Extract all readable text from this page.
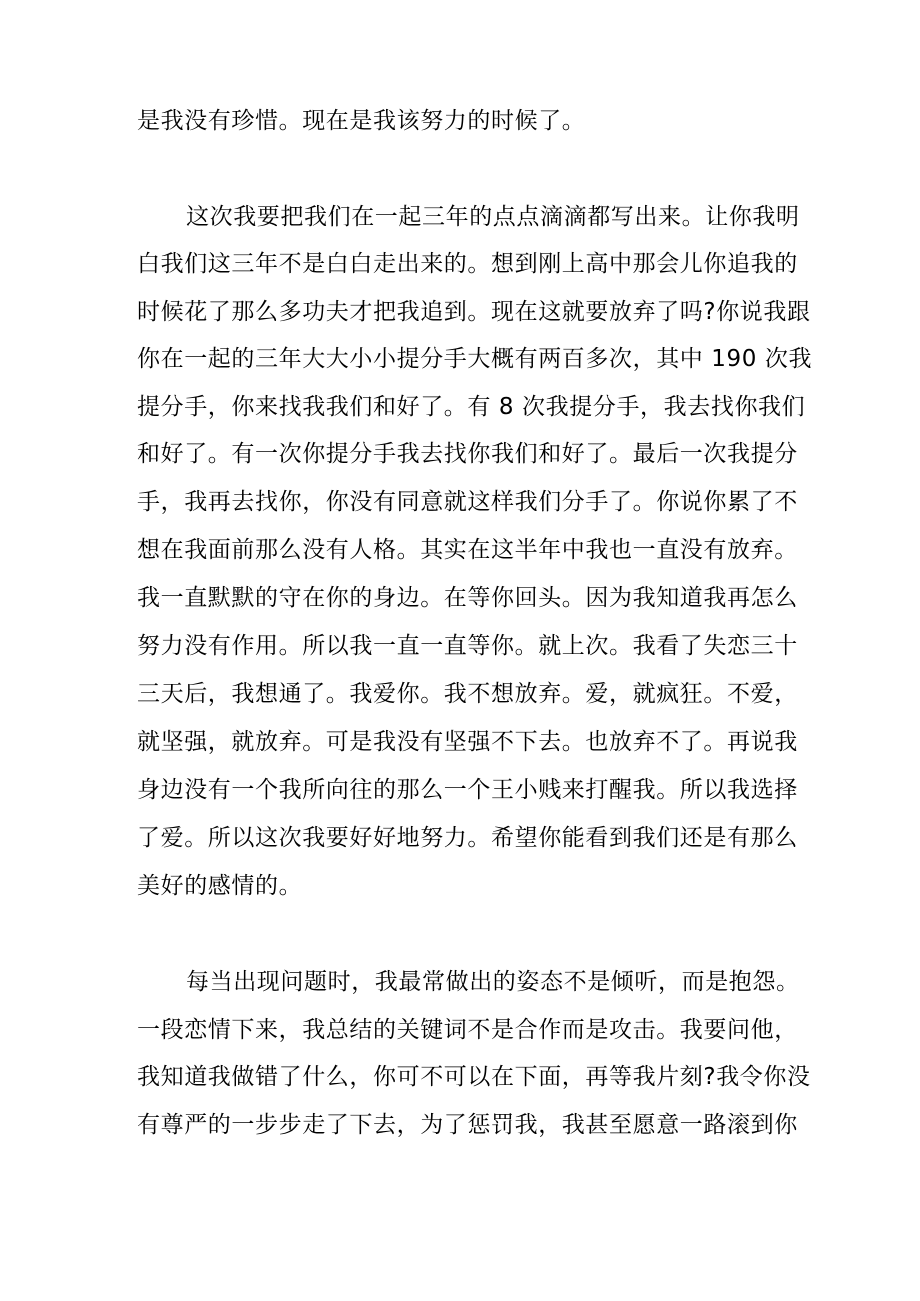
是我没有珍惜。现在是我该努力的时候了。

这次我要把我们在一起三年的点点滴滴都写出来。让你我明

白我们这三年不是白白走出来的。想到刚上高中那会儿你追我的

时候花了那么多功夫才把我追到。现在这就要放弃了吗?你说我跟

你在一起的三年大大小小提分手大概有两百多次，其中 190 次我

提分手，你来找我我们和好了。有 8 次我提分手，我去找你我们

和好了。有一次你提分手我去找你我们和好了。最后一次我提分

手，我再去找你，你没有同意就这样我们分手了。你说你累了不

想在我面前那么没有人格。其实在这半年中我也一直没有放弃。

我一直默默的守在你的身边。在等你回头。因为我知道我再怎么

努力没有作用。所以我一直一直等你。就上次。我看了失恋三十

三天后，我想通了。我爱你。我不想放弃。爱，就疯狂。不爱，

就坚强，就放弃。可是我没有坚强不下去。也放弃不了。再说我

身边没有一个我所向往的那么一个王小贱来打醒我。所以我选择

了爱。所以这次我要好好地努力。希望你能看到我们还是有那么

美好的感情的。

每当出现问题时，我最常做出的姿态不是倾听，而是抱怨。

一段恋情下来，我总结的关键词不是合作而是攻击。我要问他，

我知道我做错了什么，你可不可以在下面，再等我片刻?我令你没

有尊严的一步步走了下去，为了惩罚我，我甚至愿意一路滚到你
